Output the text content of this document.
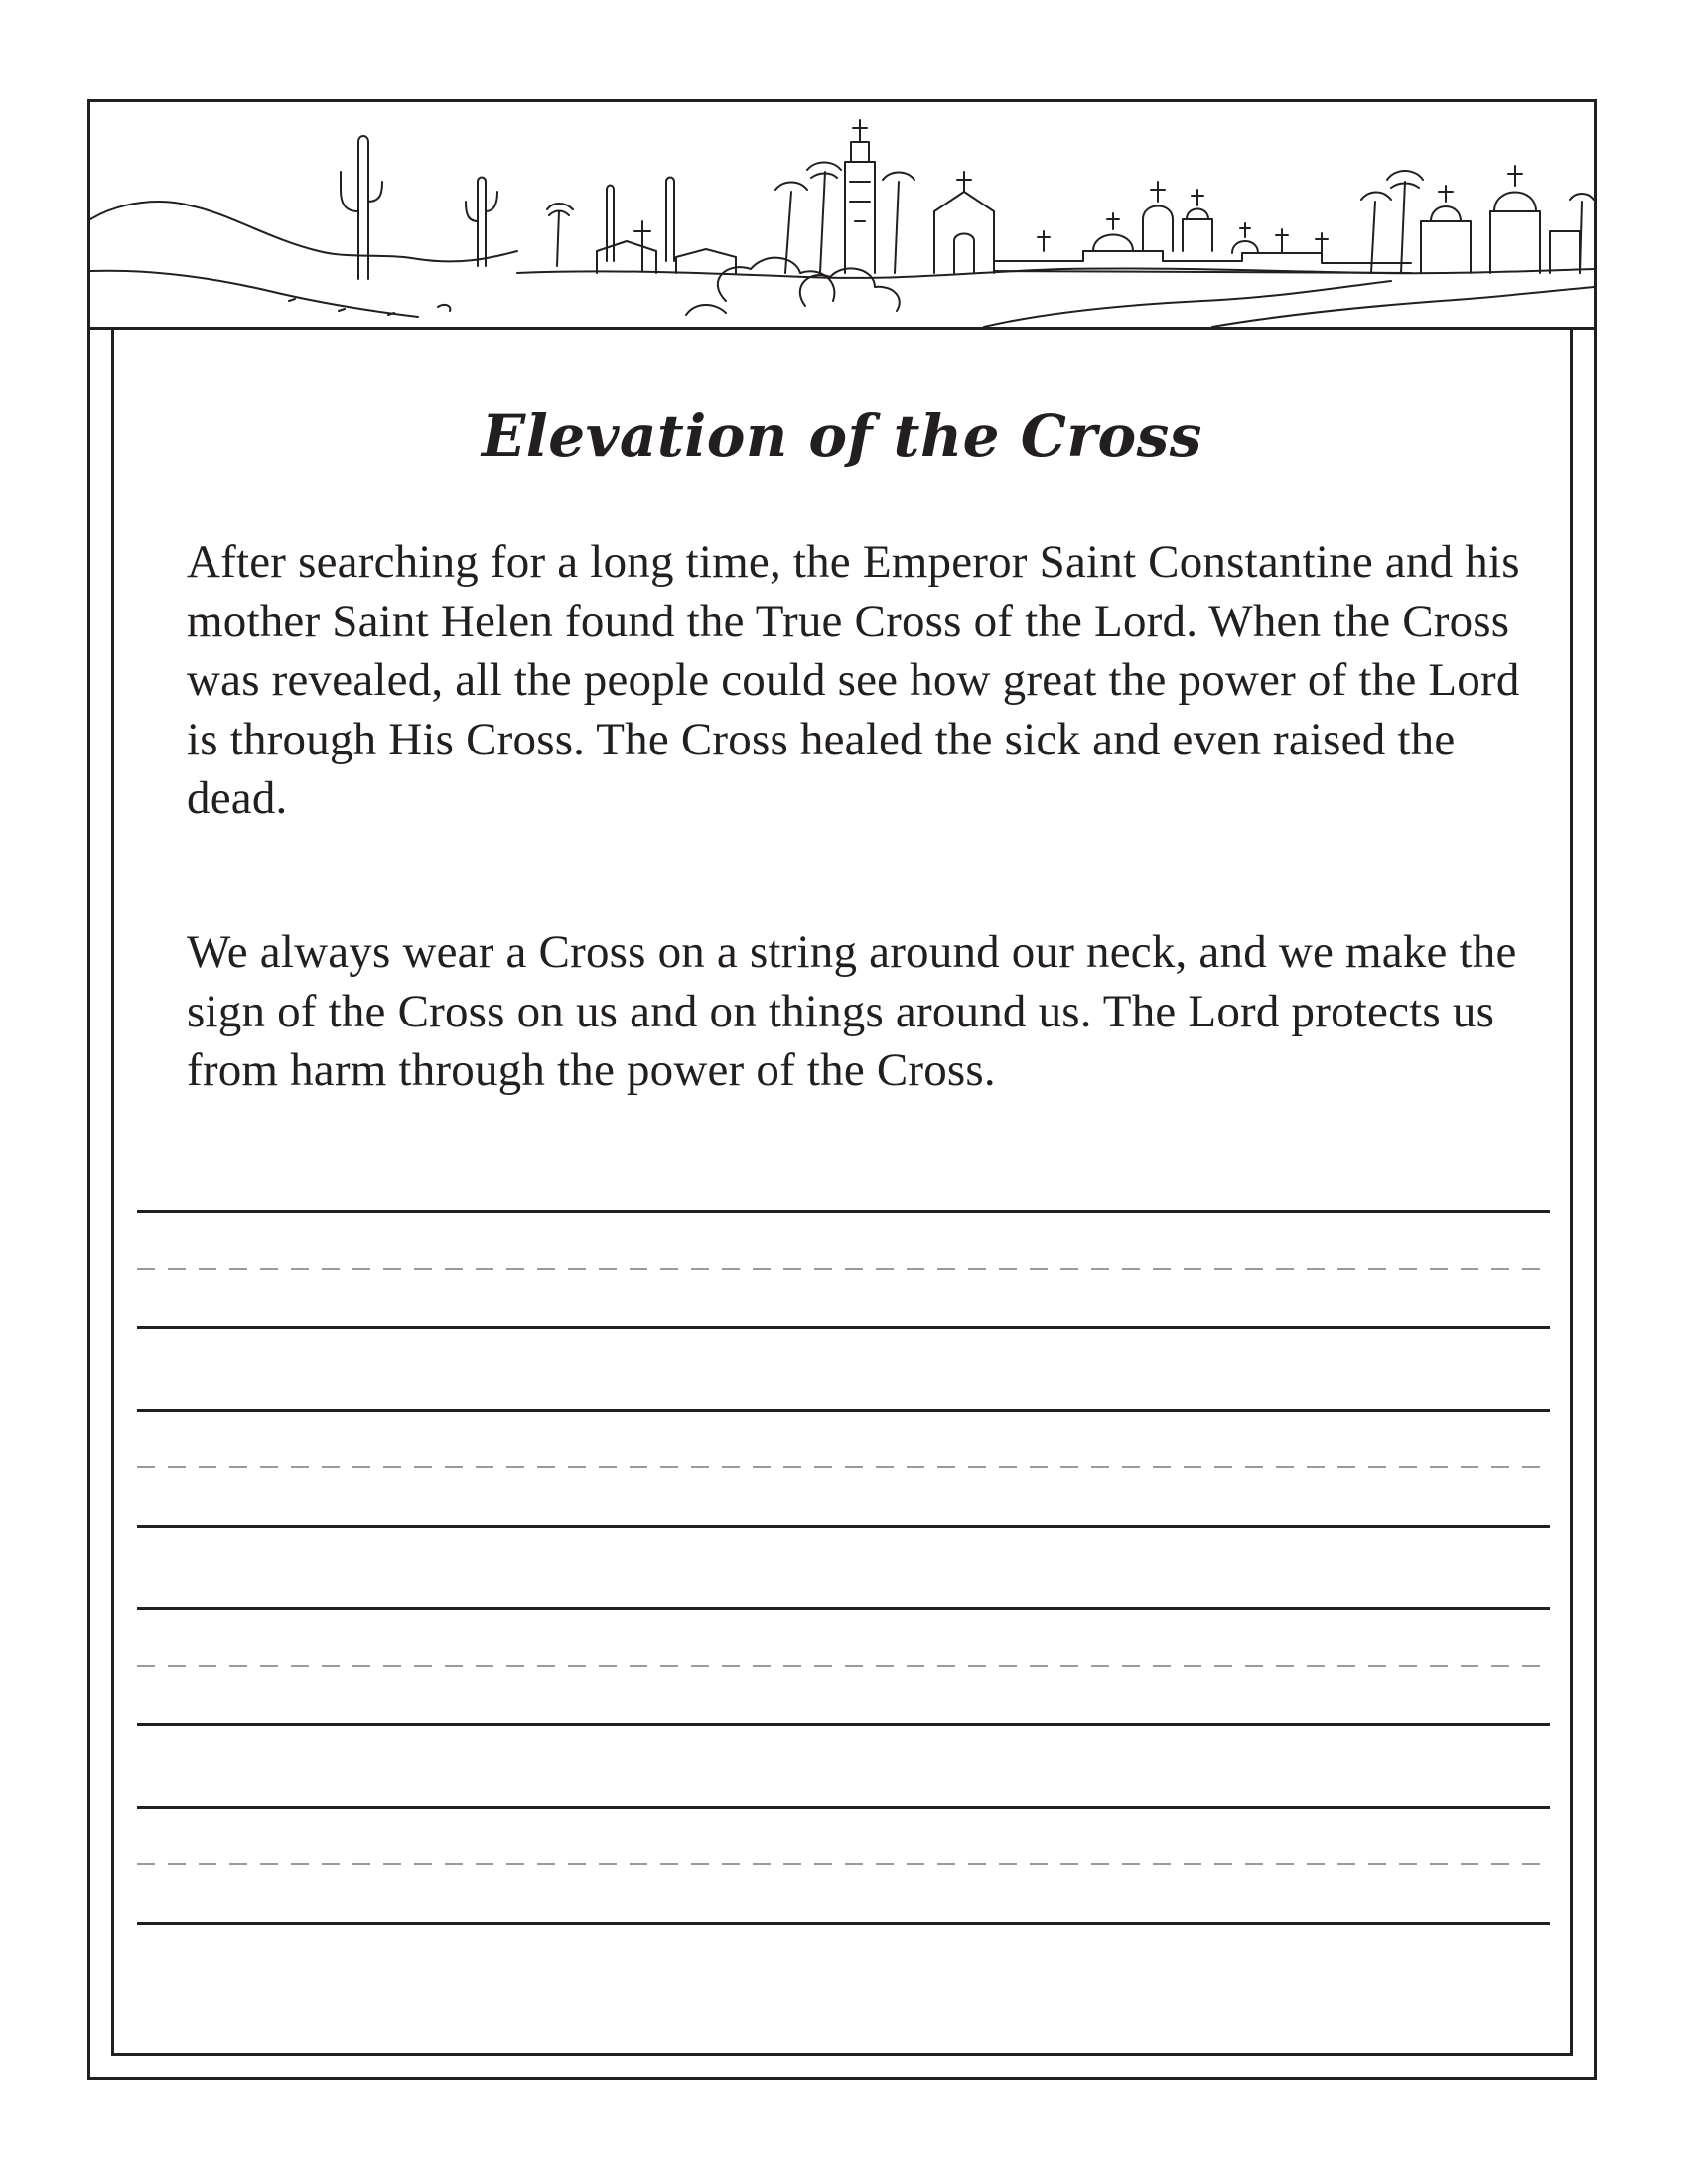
Elevation of the Cross

After searching for a long time, the Emperor Saint Constantine and his mother Saint Helen found the True Cross of the Lord. When the Cross was revealed, all the people could see how great the power of the Lord is through His Cross. The Cross healed the sick and even raised the dead.

We always wear a Cross on a string around our neck, and we make the sign of the Cross on us and on things around us. The Lord protects us from harm through the power of the Cross.
